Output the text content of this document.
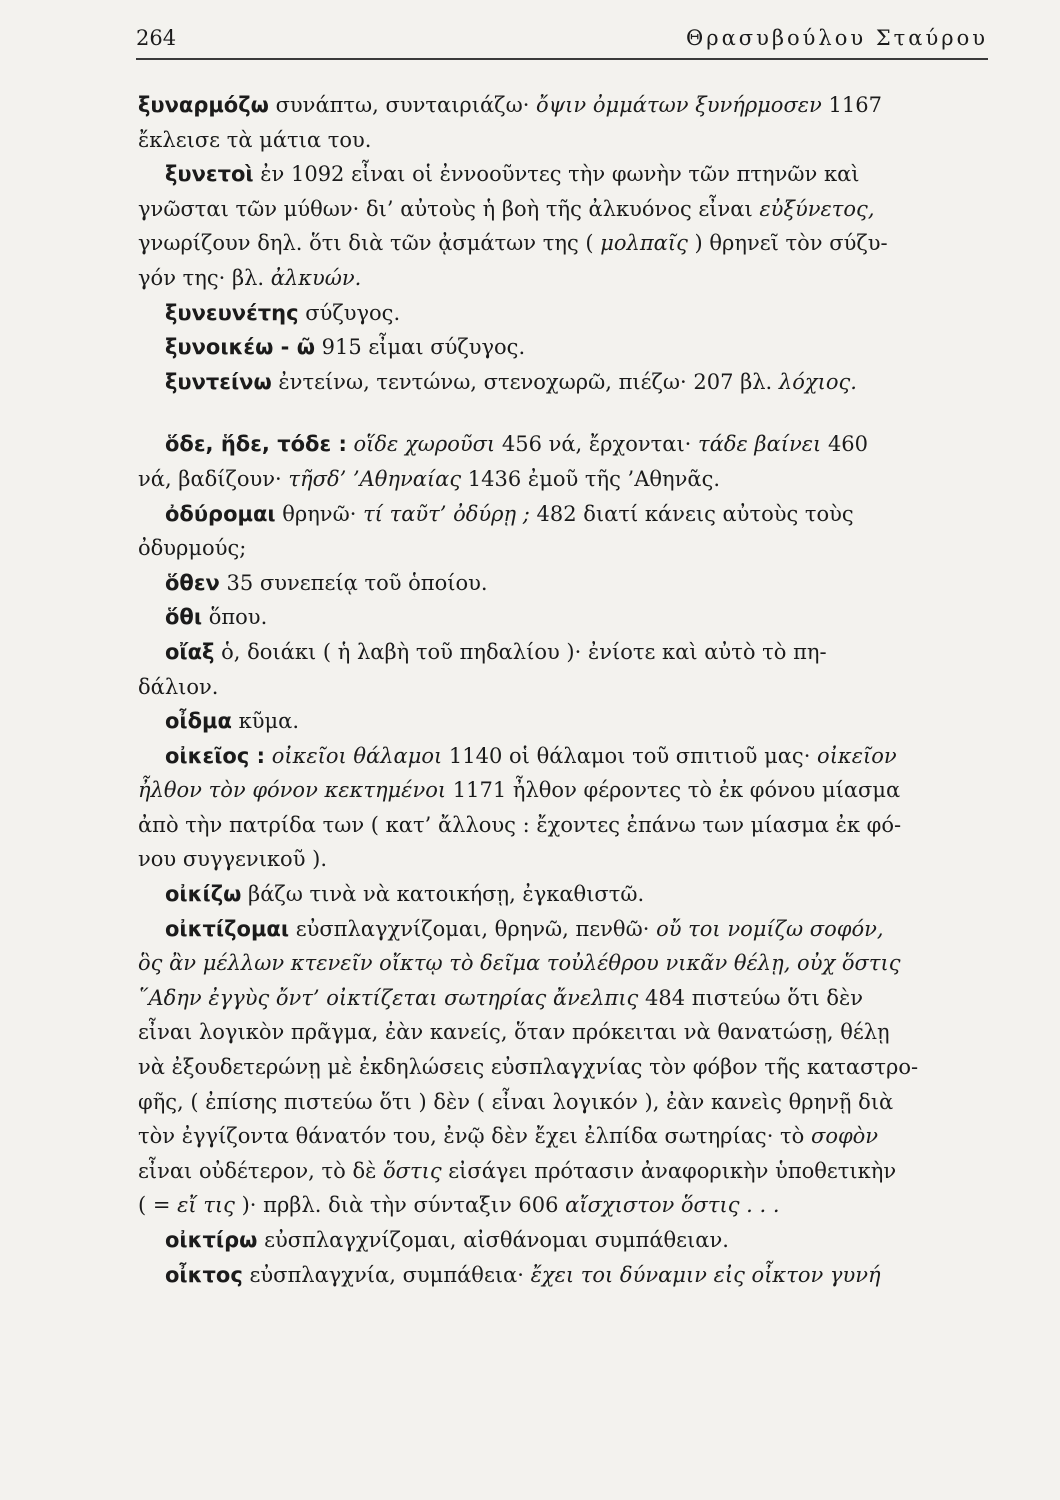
264	Θρασυβούλου Σταύρου
ξυναρμόζω συνάπτω, συνταιριάζω· ὄψιν ὀμμάτων ξυνήρμοσεν 1167
ἔκλεισε τὰ μάτια του.
ξυνετοὶ ἐν 1092 εἶναι οἱ ἐννοοῦντες τὴν φωνὴν τῶν πτηνῶν καὶ
γνῶσται τῶν μύθων· δι’ αὐτοὺς ἡ βοὴ τῆς ἀλκυόνος εἶναι εὐξύνετος,
γνωρίζουν δηλ. ὅτι διὰ τῶν ᾀσμάτων της ( μολπαῖς ) θρηνεῖ τὸν σύζυ-
γόν της· βλ. ἀλκυών.
ξυνευνέτης σύζυγος.
ξυνοικέω - ῶ 915 εἶμαι σύζυγος.
ξυντείνω ἐντείνω, τεντώνω, στενοχωρῶ, πιέζω· 207 βλ. λόχιος.
ὅδε, ἥδε, τόδε : οἵδε χωροῦσι 456 νά, ἔρχονται· τάδε βαίνει 460
νά, βαδίζουν· τῆσδ’ ’Αθηναίας 1436 ἐμοῦ τῆς ’Αθηνᾶς.
ὀδύρομαι θρηνῶ· τί ταῦτ’ ὀδύρῃ ; 482 διατί κάνεις αὐτοὺς τοὺς
ὀδυρμούς;
ὅθεν 35 συνεπείᾳ τοῦ ὁποίου.
ὅθι ὅπου.
οἴαξ ὁ, δοιάκι ( ἡ λαβὴ τοῦ πηδαλίου )· ἐνίοτε καὶ αὐτὸ τὸ πη-
δάλιον.
οἶδμα κῦμα.
οἰκεῖος : οἰκεῖοι θάλαμοι 1140 οἱ θάλαμοι τοῦ σπιτιοῦ μας· οἰκεῖον
ἦλθον τὸν φόνον κεκτημένοι 1171 ἦλθον φέροντες τὸ ἐκ φόνου μίασμα
ἀπὸ τὴν πατρίδα των ( κατ’ ἄλλους : ἔχοντες ἐπάνω των μίασμα ἐκ φό-
νου συγγενικοῦ ).
οἰκίζω βάζω τινὰ νὰ κατοικήσῃ, ἐγκαθιστῶ.
οἰκτίζομαι εὐσπλαγχνίζομαι, θρηνῶ, πενθῶ· οὔ τοι νομίζω σοφόν,
ὃς ἂν μέλλων κτενεῖν οἴκτῳ τὸ δεῖμα τοὐλέθρου νικᾶν θέλῃ, οὐχ ὅστις
῞Αδην ἐγγὺς ὄντ’ οἰκτίζεται σωτηρίας ἄνελπις 484 πιστεύω ὅτι δὲν
εἶναι λογικὸν πρᾶγμα, ἐὰν κανείς, ὅταν πρόκειται νὰ θανατώσῃ, θέλῃ
νὰ ἐξουδετερώνῃ μὲ ἐκδηλώσεις εὐσπλαγχνίας τὸν φόβον τῆς καταστρο-
φῆς, ( ἐπίσης πιστεύω ὅτι ) δὲν ( εἶναι λογικόν ), ἐὰν κανεὶς θρηνῇ διὰ
τὸν ἐγγίζοντα θάνατόν του, ἐνῷ δὲν ἔχει ἐλπίδα σωτηρίας· τὸ σοφὸν
εἶναι οὐδέτερον, τὸ δὲ ὅστις εἰσάγει πρότασιν ἀναφορικὴν ὑποθετικὴν
( = εἴ τις )· πρβλ. διὰ τὴν σύνταξιν 606 αἴσχιστον ὅστις . . .
οἰκτίρω εὐσπλαγχνίζομαι, αἰσθάνομαι συμπάθειαν.
οἶκτος εὐσπλαγχνία, συμπάθεια· ἔχει τοι δύναμιν εἰς οἶκτον γυνή
